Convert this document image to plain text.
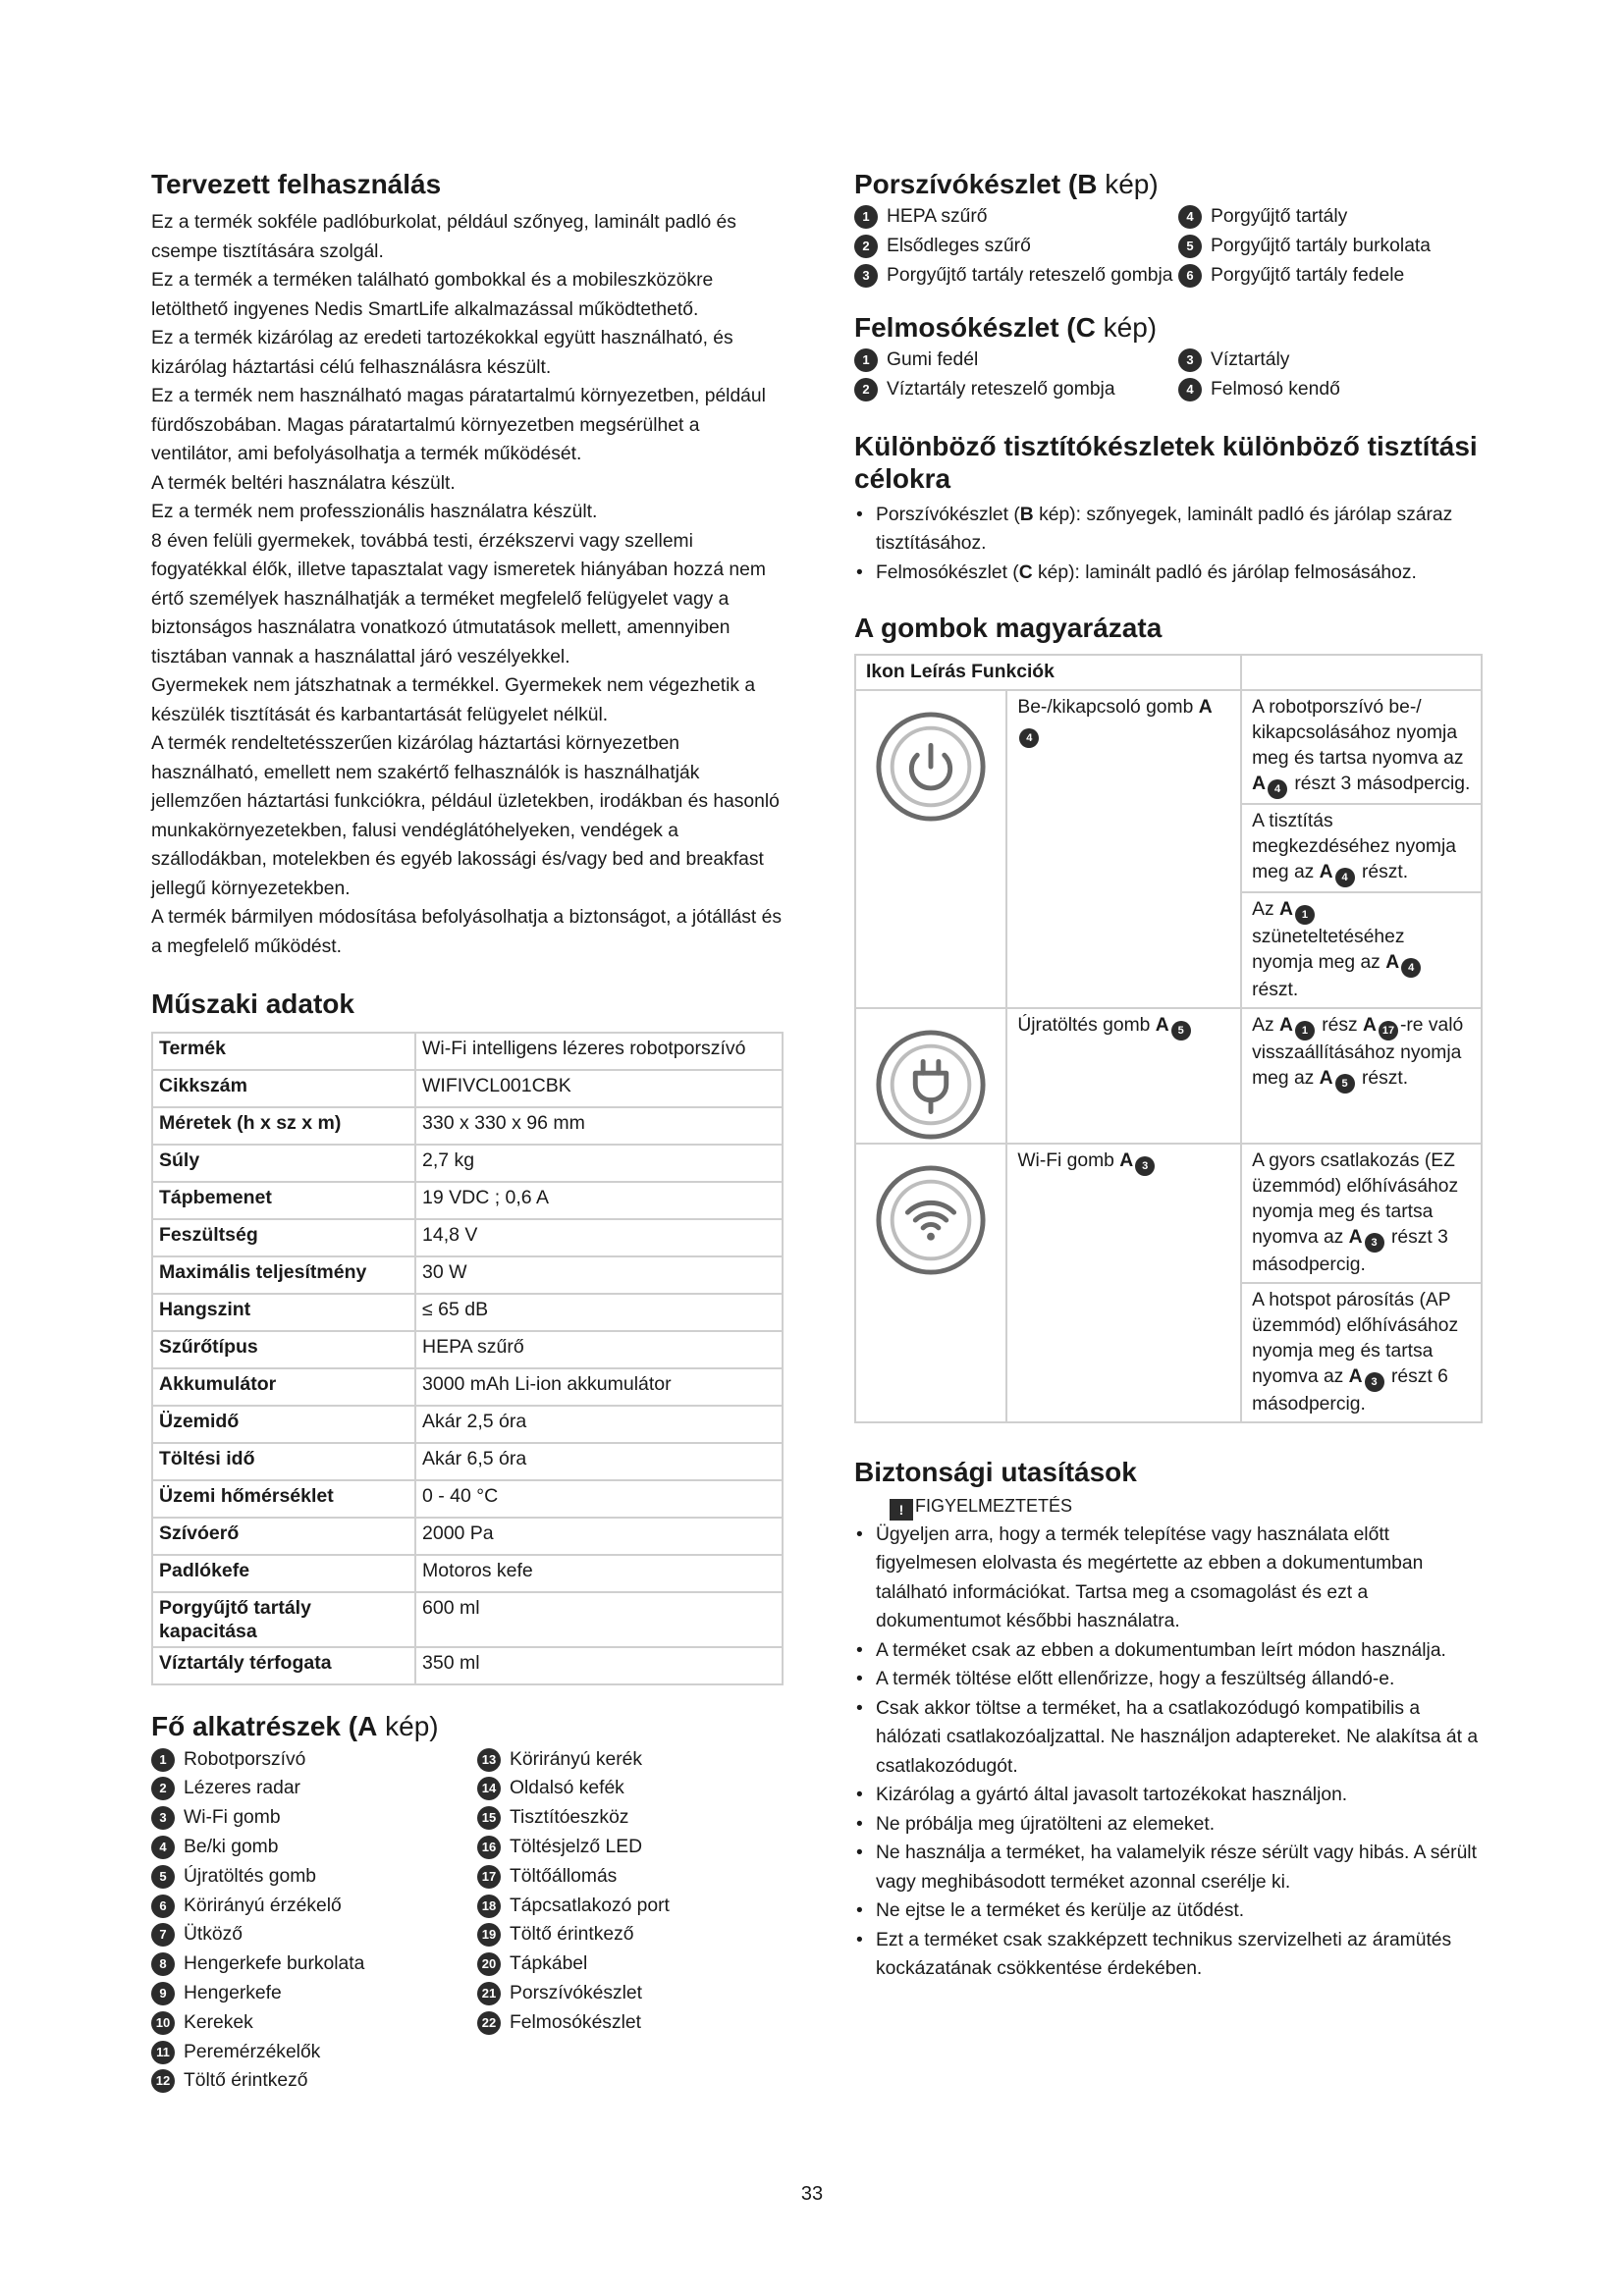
Tervezett felhasználás

Ez a termék sokféle padlóburkolat, például szőnyeg, laminált padló és csempe tisztítására szolgál.

Ez a termék a terméken található gombokkal és a mobileszközökre letölthető ingyenes Nedis SmartLife alkalmazással működtethető.

Ez a termék kizárólag az eredeti tartozékokkal együtt használható, és kizárólag háztartási célú felhasználásra készült.

Ez a termék nem használható magas páratartalmú környezetben, például fürdőszobában. Magas páratartalmú környezetben megsérülhet a ventilátor, ami befolyásolhatja a termék működését.

A termék beltéri használatra készült.

Ez a termék nem professzionális használatra készült.

8 éven felüli gyermekek, továbbá testi, érzékszervi vagy szellemi fogyatékkal élők, illetve tapasztalat vagy ismeretek hiányában hozzá nem értő személyek használhatják a terméket megfelelő felügyelet vagy a biztonságos használatra vonatkozó útmutatások mellett, amennyiben tisztában vannak a használattal járó veszélyekkel.

Gyermekek nem játszhatnak a termékkel. Gyermekek nem végezhetik a készülék tisztítását és karbantartását felügyelet nélkül.

A termék rendeltetésszerűen kizárólag háztartási környezetben használható, emellett nem szakértő felhasználók is használhatják jellemzően háztartási funkciókra, például üzletekben, irodákban és hasonló munkakörnyezetekben, falusi vendéglátóhelyeken, vendégek a szállodákban, motelekben és egyéb lakossági és/vagy bed and breakfast jellegű környezetekben.

A termék bármilyen módosítása befolyásolhatja a biztonságot, a jótállást és a megfelelő működést.

Műszaki adatok
Termék	Wi-Fi intelligens lézeres robotporszívó
Cikkszám	WIFIVCL001CBK
Méretek (h x sz x m)	330 x 330 x 96 mm
Súly	2,7 kg
Tápbemenet	19 VDC ; 0,6 A
Feszültség	14,8 V
Maximális teljesítmény	30 W
Hangszint	≤ 65 dB
Szűrőtípus	HEPA szűrő
Akkumulátor	3000 mAh Li-ion akkumulátor
Üzemidő	Akár 2,5 óra
Töltési idő	Akár 6,5 óra
Üzemi hőmérséklet	0 - 40 °C
Szívóerő	2000 Pa
Padlókefe	Motoros kefe
Porgyűjtő tartály kapacitása	600 ml
Víztartály térfogata	350 ml
Fő alkatrészek (A kép)
1 Robotporszívó
2 Lézeres radar
3 Wi-Fi gomb
4 Be/ki gomb
5 Újratöltés gomb
6 Körirányú érzékelő
7 Ütköző
8 Hengerkefe burkolata
9 Hengerkefe
10 Kerekek
11 Peremérzékelők
12 Töltő érintkező
13 Körirányú kerék
14 Oldalsó kefék
15 Tisztítóeszköz
16 Töltésjelző LED
17 Töltőállomás
18 Tápcsatlakozó port
19 Töltő érintkező
20 Tápkábel
21 Porszívókészlet
22 Felmosókészlet
Porszívókészlet (B kép)
1 HEPA szűrő
2 Elsődleges szűrő
3 Porgyűjtő tartály reteszelő gombja
4 Porgyűjtő tartály
5 Porgyűjtő tartály burkolata
6 Porgyűjtő tartály fedele
Felmosókészlet (C kép)
1 Gumi fedél
2 Víztartály reteszelő gombja
3 Víztartály
4 Felmosó kendő
Különböző tisztítókészletek különböző tisztítási célokra
• Porszívókészlet (B kép): szőnyegek, laminált padló és járólap száraz tisztításához.
• Felmosókészlet (C kép): laminált padló és járólap felmosásához.
A gombok magyarázata
Ikon Leírás Funkciók		

	Be-/kikapcsoló gomb A4	A robotporszívó be-/ kikapcsolásához nyomja meg és tartsa nyomva az A 4 részt 3 másodpercig.
		A tisztítás megkezdéséhez nyomja meg az A 4 részt.
		Az A 1 szüneteltetéséhez nyomja meg az A 4 részt.

	Újratöltés gomb A 5	Az A 1 rész A 17 -re való visszaállításához nyomja meg az A 5 részt.

	Wi-Fi gomb A 3	A gyors csatlakozás (EZ üzemmód) előhívásához nyomja meg és tartsa nyomva az A 3 részt 3 másodpercig.
		A hotspot párosítás (AP üzemmód) előhívásához nyomja meg és tartsa nyomva az A 3 részt 6 másodpercig.
Biztonsági utasítások
! FIGYELMEZTETÉS
• Ügyeljen arra, hogy a termék telepítése vagy használata előtt figyelmesen elolvasta és megértette az ebben a dokumentumban található információkat. Tartsa meg a csomagolást és ezt a dokumentumot későbbi használatra.
• A terméket csak az ebben a dokumentumban leírt módon használja.
• A termék töltése előtt ellenőrizze, hogy a feszültség állandó-e.
• Csak akkor töltse a terméket, ha a csatlakozódugó kompatibilis a hálózati csatlakozóaljzattal. Ne használjon adaptereket. Ne alakítsa át a csatlakozódugót.
• Kizárólag a gyártó által javasolt tartozékokat használjon.
• Ne próbálja meg újratölteni az elemeket.
• Ne használja a terméket, ha valamelyik része sérült vagy hibás. A sérült vagy meghibásodott terméket azonnal cserélje ki.
• Ne ejtse le a terméket és kerülje az ütődést.
• Ezt a terméket csak szakképzett technikus szervizelheti az áramütés kockázatának csökkentése érdekében.
33
